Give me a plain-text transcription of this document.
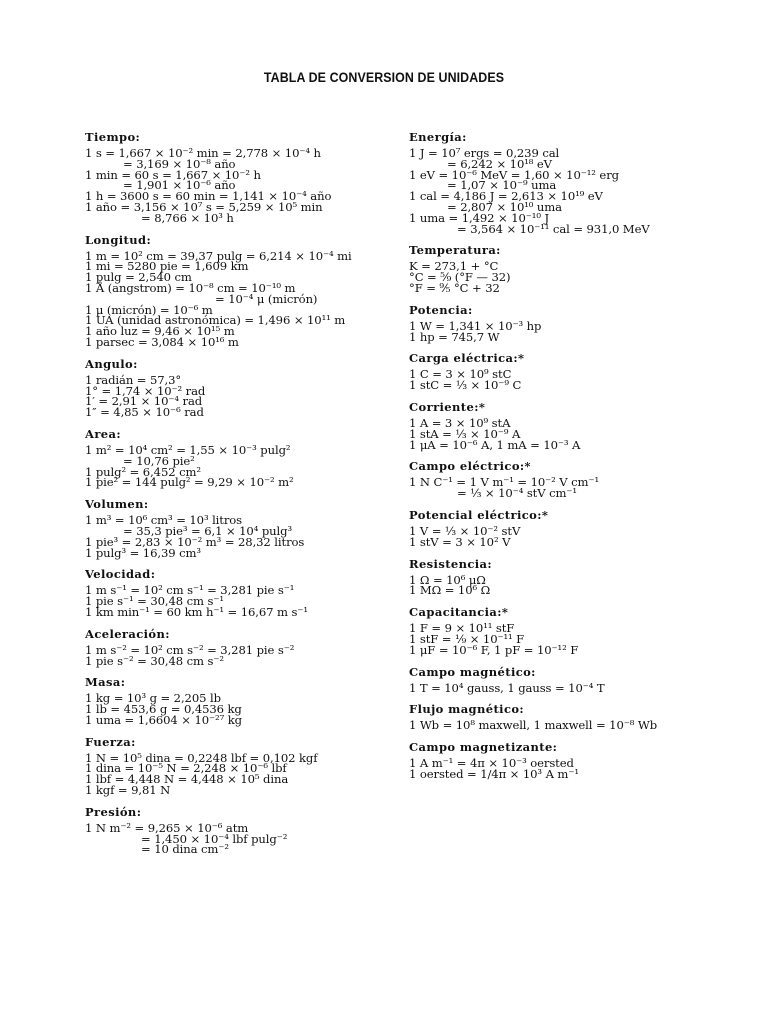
TABLA DE CONVERSION DE UNIDADES
Tiempo:
1 s = 1,667 × 10⁻² min = 2,778 × 10⁻⁴ h
= 3,169 × 10⁻⁸ año
1 min = 60 s = 1,667 × 10⁻² h
= 1,901 × 10⁻⁶ año
1 h = 3600 s = 60 min = 1,141 × 10⁻⁴ año
1 año = 3,156 × 10⁷ s = 5,259 × 10⁵ min
= 8,766 × 10³ h
Longitud:
1 m = 10² cm = 39,37 pulg = 6,214 × 10⁻⁴ mi
1 mi = 5280 pie = 1,609 km
1 pulg = 2,540 cm
1 Å (angstrom) = 10⁻⁸ cm = 10⁻¹⁰ m
= 10⁻⁴ μ (micrón)
1 μ (micrón) = 10⁻⁶ m
1 UA (unidad astronómica) = 1,496 × 10¹¹ m
1 año luz = 9,46 × 10¹⁵ m
1 parsec = 3,084 × 10¹⁶ m
Angulo:
1 radián = 57,3°
1° = 1,74 × 10⁻² rad
1′ = 2,91 × 10⁻⁴ rad
1″ = 4,85 × 10⁻⁶ rad
Area:
1 m² = 10⁴ cm² = 1,55 × 10⁻³ pulg²
= 10,76 pie²
1 pulg² = 6,452 cm²
1 pie² = 144 pulg² = 9,29 × 10⁻² m²
Volumen:
1 m³ = 10⁶ cm³ = 10³ litros
= 35,3 pie³ = 6,1 × 10⁴ pulg³
1 pie³ = 2,83 × 10⁻² m³ = 28,32 litros
1 pulg³ = 16,39 cm³
Velocidad:
1 m s⁻¹ = 10² cm s⁻¹ = 3,281 pie s⁻¹
1 pie s⁻¹ = 30,48 cm s⁻¹
1 km min⁻¹ = 60 km h⁻¹ = 16,67 m s⁻¹
Aceleración:
1 m s⁻² = 10² cm s⁻² = 3,281 pie s⁻²
1 pie s⁻² = 30,48 cm s⁻²
Masa:
1 kg = 10³ g = 2,205 lb
1 lb = 453,6 g = 0,4536 kg
1 uma = 1,6604 × 10⁻²⁷ kg
Fuerza:
1 N = 10⁵ dina = 0,2248 lbf = 0,102 kgf
1 dina = 10⁻⁵ N = 2,248 × 10⁻⁶ lbf
1 lbf = 4,448 N = 4,448 × 10⁵ dina
1 kgf = 9,81 N
Presión:
1 N m⁻² = 9,265 × 10⁻⁶ atm
= 1,450 × 10⁻⁴ lbf pulg⁻²
= 10 dina cm⁻²
Energía:
1 J = 10⁷ ergs = 0,239 cal
= 6,242 × 10¹⁸ eV
1 eV = 10⁻⁶ MeV = 1,60 × 10⁻¹² erg
= 1,07 × 10⁻⁹ uma
1 cal = 4,186 J = 2,613 × 10¹⁹ eV
= 2,807 × 10¹⁰ uma
1 uma = 1,492 × 10⁻¹⁰ J
= 3,564 × 10⁻¹¹ cal = 931,0 MeV
Temperatura:
K = 273,1 + °C
°C = ⁵⁄₉ (°F — 32)
°F = ⁹⁄₅ °C + 32
Potencia:
1 W = 1,341 × 10⁻³ hp
1 hp = 745,7 W
Carga eléctrica:*
1 C = 3 × 10⁹ stC
1 stC = ⅓ × 10⁻⁹ C
Corriente:*
1 A = 3 × 10⁹ stA
1 stA = ⅓ × 10⁻⁹ A
1 μA = 10⁻⁶ A, 1 mA = 10⁻³ A
Campo eléctrico:*
1 N C⁻¹ = 1 V m⁻¹ = 10⁻² V cm⁻¹
= ⅓ × 10⁻⁴ stV cm⁻¹
Potencial eléctrico:*
1 V = ⅓ × 10⁻² stV
1 stV = 3 × 10² V
Resistencia:
1 Ω = 10⁶ μΩ
1 MΩ = 10⁶ Ω
Capacitancia:*
1 F = 9 × 10¹¹ stF
1 stF = ⅑ × 10⁻¹¹ F
1 μF = 10⁻⁶ F, 1 pF = 10⁻¹² F
Campo magnético:
1 T = 10⁴ gauss, 1 gauss = 10⁻⁴ T
Flujo magnético:
1 Wb = 10⁸ maxwell, 1 maxwell = 10⁻⁸ Wb
Campo magnetizante:
1 A m⁻¹ = 4π × 10⁻³ oersted
1 oersted = 1/4π × 10³ A m⁻¹
